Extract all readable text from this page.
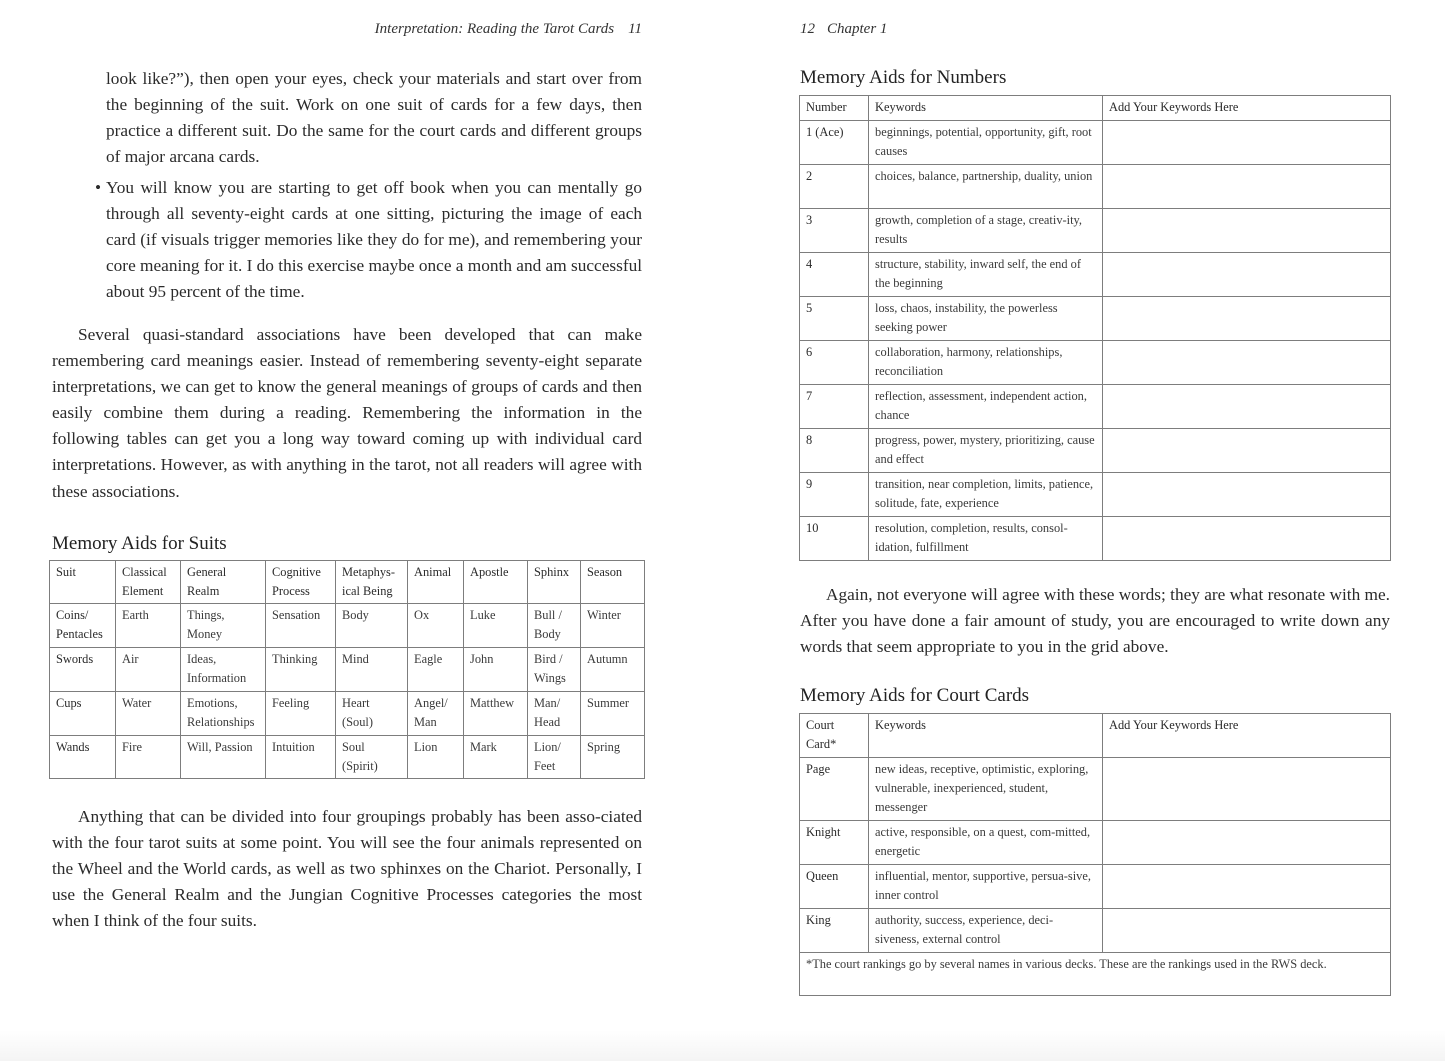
Interpretation: Reading the Tarot Cards 11

look like?”), then open your eyes, check your materials and start over from the beginning of the suit. Work on one suit of cards for a few days, then practice a different suit. Do the same for the court cards and different groups of major arcana cards.

• You will know you are starting to get off book when you can mentally go through all seventy-eight cards at one sitting, picturing the image of each card (if visuals trigger memories like they do for me), and remembering your core meaning for it. I do this exercise maybe once a month and am successful about 95 percent of the time.

Several quasi-standard associations have been developed that can make remembering card meanings easier. Instead of remembering seventy-eight separate interpretations, we can get to know the general meanings of groups of cards and then easily combine them during a reading. Remembering the information in the following tables can get you a long way toward coming up with individual card interpretations. However, as with anything in the tarot, not all readers will agree with these associations.

Memory Aids for Suits
Suit	Classical Element	General Realm	Cognitive Process	Metaphys-ical Being	Animal	Apostle	Sphinx	Season
Coins/ Pentacles	Earth	Things, Money	Sensation	Body	Ox	Luke	Bull / Body	Winter
Swords	Air	Ideas, Information	Thinking	Mind	Eagle	John	Bird / Wings	Autumn
Cups	Water	Emotions, Relationships	Feeling	Heart (Soul)	Angel/ Man	Matthew	Man/ Head	Summer
Wands	Fire	Will, Passion	Intuition	Soul (Spirit)	Lion	Mark	Lion/ Feet	Spring

Anything that can be divided into four groupings probably has been asso-ciated with the four tarot suits at some point. You will see the four animals represented on the Wheel and the World cards, as well as two sphinxes on the Chariot. Personally, I use the General Realm and the Jungian Cognitive Processes categories the most when I think of the four suits.

12 Chapter 1
Memory Aids for Numbers
Number	Keywords	Add Your Keywords Here
1 (Ace)	beginnings, potential, opportunity, gift, root causes	
2	choices, balance, partnership, duality, union	
3	growth, completion of a stage, creativ-ity, results	
4	structure, stability, inward self, the end of the beginning	
5	loss, chaos, instability, the powerless seeking power	
6	collaboration, harmony, relationships, reconciliation	
7	reflection, assessment, independent action, chance	
8	progress, power, mystery, prioritizing, cause and effect	
9	transition, near completion, limits, patience, solitude, fate, experience	
10	resolution, completion, results, consol-idation, fulfillment	

Again, not everyone will agree with these words; they are what resonate with me. After you have done a fair amount of study, you are encouraged to write down any words that seem appropriate to you in the grid above.

Memory Aids for Court Cards
Court Card*	Keywords	Add Your Keywords Here
Page	new ideas, receptive, optimistic, exploring, vulnerable, inexperienced, student, messenger	
Knight	active, responsible, on a quest, com-mitted, energetic	
Queen	influential, mentor, supportive, persua-sive, inner control	
King	authority, success, experience, deci-siveness, external control	
*The court rankings go by several names in various decks. These are the rankings used in the RWS deck.		
